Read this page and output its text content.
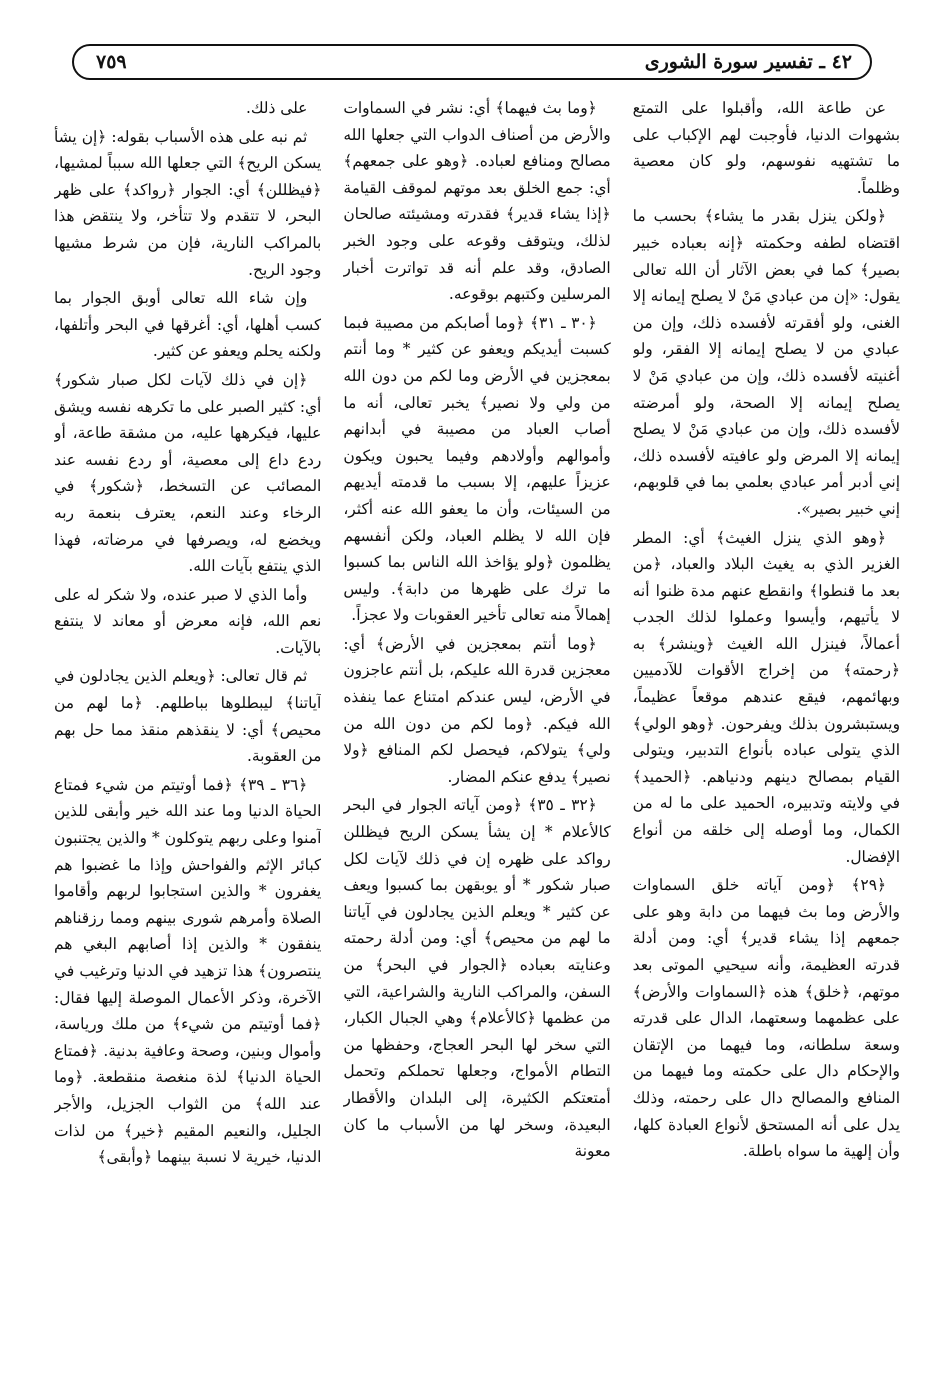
٤٢ ـ تفسير سورة الشورى
٧٥٩

عن طاعة الله، وأقبلوا على التمتع بشهوات الدنيا، فأوجبت لهم الإكباب على ما تشتهيه نفوسهم، ولو كان معصية وظلماً.

﴿ولكن ينزل بقدر ما يشاء﴾ بحسب ما اقتضاه لطفه وحكمته ﴿إنه بعباده خبير بصير﴾ كما في بعض الآثار أن الله تعالى يقول: «إن من عبادي مَنْ لا يصلح إيمانه إلا الغنى، ولو أفقرته لأفسده ذلك، وإن من عبادي من لا يصلح إيمانه إلا الفقر، ولو أغنيته لأفسده ذلك، وإن من عبادي مَنْ لا يصلح إيمانه إلا الصحة، ولو أمرضته لأفسده ذلك، وإن من عبادي مَنْ لا يصلح إيمانه إلا المرض ولو عافيته لأفسده ذلك، إني أدبر أمر عبادي بعلمي بما في قلوبهم، إني خبير بصير».

﴿وهو الذي ينزل الغيث﴾ أي: المطر الغزير الذي به يغيث البلاد والعباد، ﴿من بعد ما قنطوا﴾ وانقطع عنهم مدة ظنوا أنه لا يأتيهم، وأيسوا وعملوا لذلك الجدب أعمالاً، فينزل الله الغيث ﴿وينشر﴾ به ﴿رحمته﴾ من إخراج الأقوات للآدميين وبهائمهم، فيقع عندهم موقعاً عظيماً، ويستبشرون بذلك ويفرحون. ﴿وهو الولي﴾ الذي يتولى عباده بأنواع التدبير، ويتولى القيام بمصالح دينهم ودنياهم. ﴿الحميد﴾ في ولايته وتدبيره، الحميد على ما له من الكمال، وما أوصله إلى خلقه من أنواع الإفضال.

﴿٢٩﴾ ﴿ومن آياته خلق السماوات والأرض وما بث فيهما من دابة وهو على جمعهم إذا يشاء قدير﴾ أي: ومن أدلة قدرته العظيمة، وأنه سيحيي الموتى بعد موتهم، ﴿خلق﴾ هذه ﴿السماوات والأرض﴾ على عظمهما وسعتهما، الدال على قدرته وسعة سلطانه، وما فيهما من الإتقان والإحكام دال على حكمته وما فيهما من المنافع والمصالح دال على رحمته، وذلك يدل على أنه المستحق لأنواع العبادة كلها، وأن إلهية ما سواه باطلة.

﴿وما بث فيهما﴾ أي: نشر في السماوات والأرض من أصناف الدواب التي جعلها الله مصالح ومنافع لعباده. ﴿وهو على جمعهم﴾ أي: جمع الخلق بعد موتهم لموقف القيامة ﴿إذا يشاء قدير﴾ فقدرته ومشيئته صالحان لذلك، ويتوقف وقوعه على وجود الخبر الصادق، وقد علم أنه قد تواترت أخبار المرسلين وكتبهم بوقوعه.

﴿٣٠ ـ ٣١﴾ ﴿وما أصابكم من مصيبة فبما كسبت أيديكم ويعفو عن كثير * وما أنتم بمعجزين في الأرض وما لكم من دون الله من ولي ولا نصير﴾ يخبر تعالى، أنه ما أصاب العباد من مصيبة في أبدانهم وأموالهم وأولادهم وفيما يحبون ويكون عزيزاً عليهم، إلا بسبب ما قدمته أيديهم من السيئات، وأن ما يعفو الله عنه أكثر، فإن الله لا يظلم العباد، ولكن أنفسهم يظلمون ﴿ولو يؤاخذ الله الناس بما كسبوا ما ترك على ظهرها من دابة﴾. وليس إهمالاً منه تعالى تأخير العقوبات ولا عجزاً.

﴿وما أنتم بمعجزين في الأرض﴾ أي: معجزين قدرة الله عليكم، بل أنتم عاجزون في الأرض، ليس عندكم امتناع عما ينفذه الله فيكم. ﴿وما لكم من دون الله من ولي﴾ يتولاكم، فيحصل لكم المنافع ﴿ولا نصير﴾ يدفع عنكم المضار.

﴿٣٢ ـ ٣٥﴾ ﴿ومن آياته الجوار في البحر كالأعلام * إن يشأ يسكن الريح فيظللن رواكد على ظهره إن في ذلك لآيات لكل صبار شكور * أو يوبقهن بما كسبوا ويعف عن كثير * ويعلم الذين يجادلون في آياتنا ما لهم من محيص﴾ أي: ومن أدلة رحمته وعنايته بعباده ﴿الجوار في البحر﴾ من السفن، والمراكب النارية والشراعية، التي من عظمها ﴿كالأعلام﴾ وهي الجبال الكبار، التي سخر لها البحر العجاج، وحفظها من التطام الأمواج، وجعلها تحملكم وتحمل أمتعتكم الكثيرة، إلى البلدان والأقطار البعيدة، وسخر لها من الأسباب ما كان معونة

على ذلك.

ثم نبه على هذه الأسباب بقوله: ﴿إن يشأ يسكن الريح﴾ التي جعلها الله سبباً لمشيها، ﴿فيظللن﴾ أي: الجوار ﴿رواكد﴾ على ظهر البحر، لا تتقدم ولا تتأخر، ولا ينتقض هذا بالمراكب النارية، فإن من شرط مشيها وجود الريح.

وإن شاء الله تعالى أوبق الجوار بما كسب أهلها، أي: أغرقها في البحر وأتلفها، ولكنه يحلم ويعفو عن كثير.

﴿إن في ذلك لآيات لكل صبار شكور﴾ أي: كثير الصبر على ما تكرهه نفسه ويشق عليها، فيكرهها عليه، من مشقة طاعة، أو ردع داع إلى معصية، أو ردع نفسه عند المصائب عن التسخط، ﴿شكور﴾ في الرخاء وعند النعم، يعترف بنعمة ربه ويخضع له، ويصرفها في مرضاته، فهذا الذي ينتفع بآيات الله.

وأما الذي لا صبر عنده، ولا شكر له على نعم الله، فإنه معرض أو معاند لا ينتفع بالآيات.

ثم قال تعالى: ﴿ويعلم الذين يجادلون في آياتنا﴾ ليبطلوها بباطلهم. ﴿ما لهم من محيص﴾ أي: لا ينقذهم منقذ مما حل بهم من العقوبة.

﴿٣٦ ـ ٣٩﴾ ﴿فما أوتيتم من شيء فمتاع الحياة الدنيا وما عند الله خير وأبقى للذين آمنوا وعلى ربهم يتوكلون * والذين يجتنبون كبائر الإثم والفواحش وإذا ما غضبوا هم يغفرون * والذين استجابوا لربهم وأقاموا الصلاة وأمرهم شورى بينهم ومما رزقناهم ينفقون * والذين إذا أصابهم البغي هم ينتصرون﴾ هذا تزهيد في الدنيا وترغيب في الآخرة، وذكر الأعمال الموصلة إليها فقال: ﴿فما أوتيتم من شيء﴾ من ملك ورياسة، وأموال وبنين، وصحة وعافية بدنية. ﴿فمتاع الحياة الدنيا﴾ لذة منغصة منقطعة. ﴿وما عند الله﴾ من الثواب الجزيل، والأجر الجليل، والنعيم المقيم ﴿خير﴾ من لذات الدنيا، خيرية لا نسبة بينهما ﴿وأبقى﴾
